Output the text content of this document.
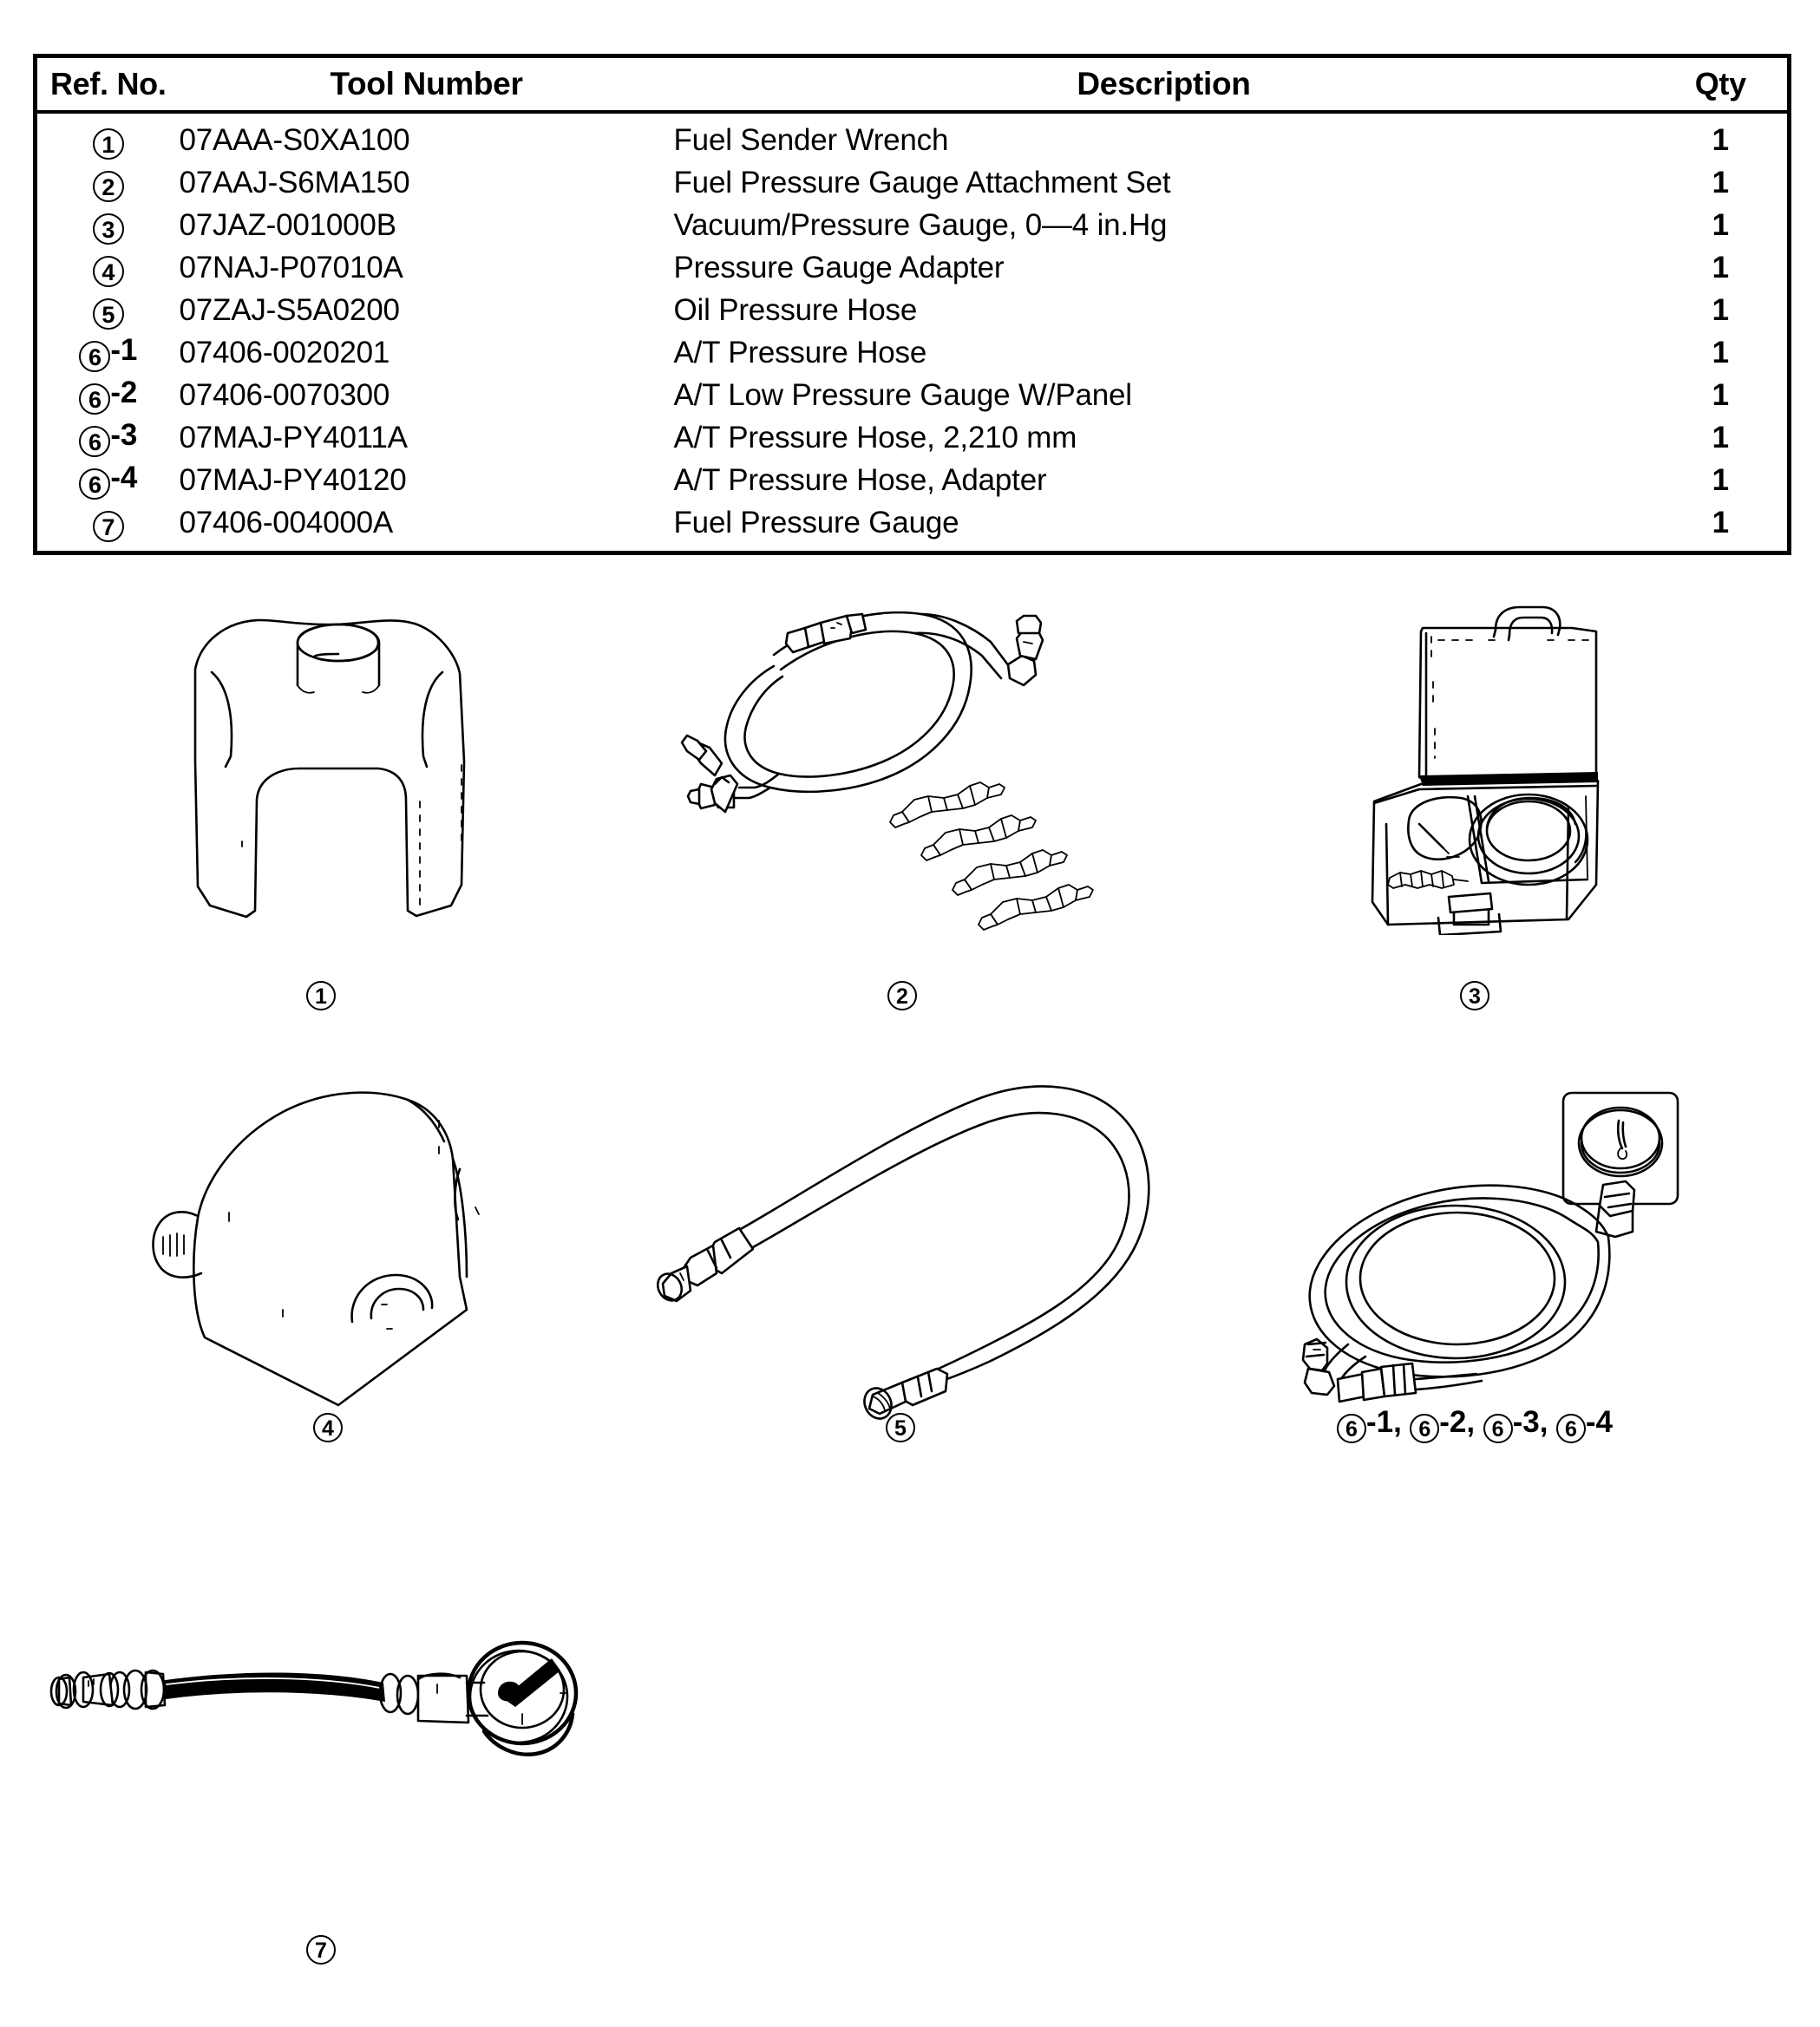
Ref. No.	Tool Number	Description	Qty
1	07AAA-S0XA100	Fuel Sender Wrench	1
2	07AAJ-S6MA150	Fuel Pressure Gauge Attachment Set	1
3	07JAZ-001000B	Vacuum/Pressure Gauge, 0—4 in.Hg	1
4	07NAJ-P07010A	Pressure Gauge Adapter	1
5	07ZAJ-S5A0200	Oil Pressure Hose	1
6 -1	07406-0020201	A/T Pressure Hose	1
6 -2	07406-0070300	A/T Low Pressure Gauge W/Panel	1
6 -3	07MAJ-PY4011A	A/T Pressure Hose, 2,210 mm	1
6 -4	07MAJ-PY40120	A/T Pressure Hose, Adapter	1
7	07406-004000A	Fuel Pressure Gauge	1
1	2	3
4	5	6 -1, 6 -2, 6 -3, 6 -4
7
